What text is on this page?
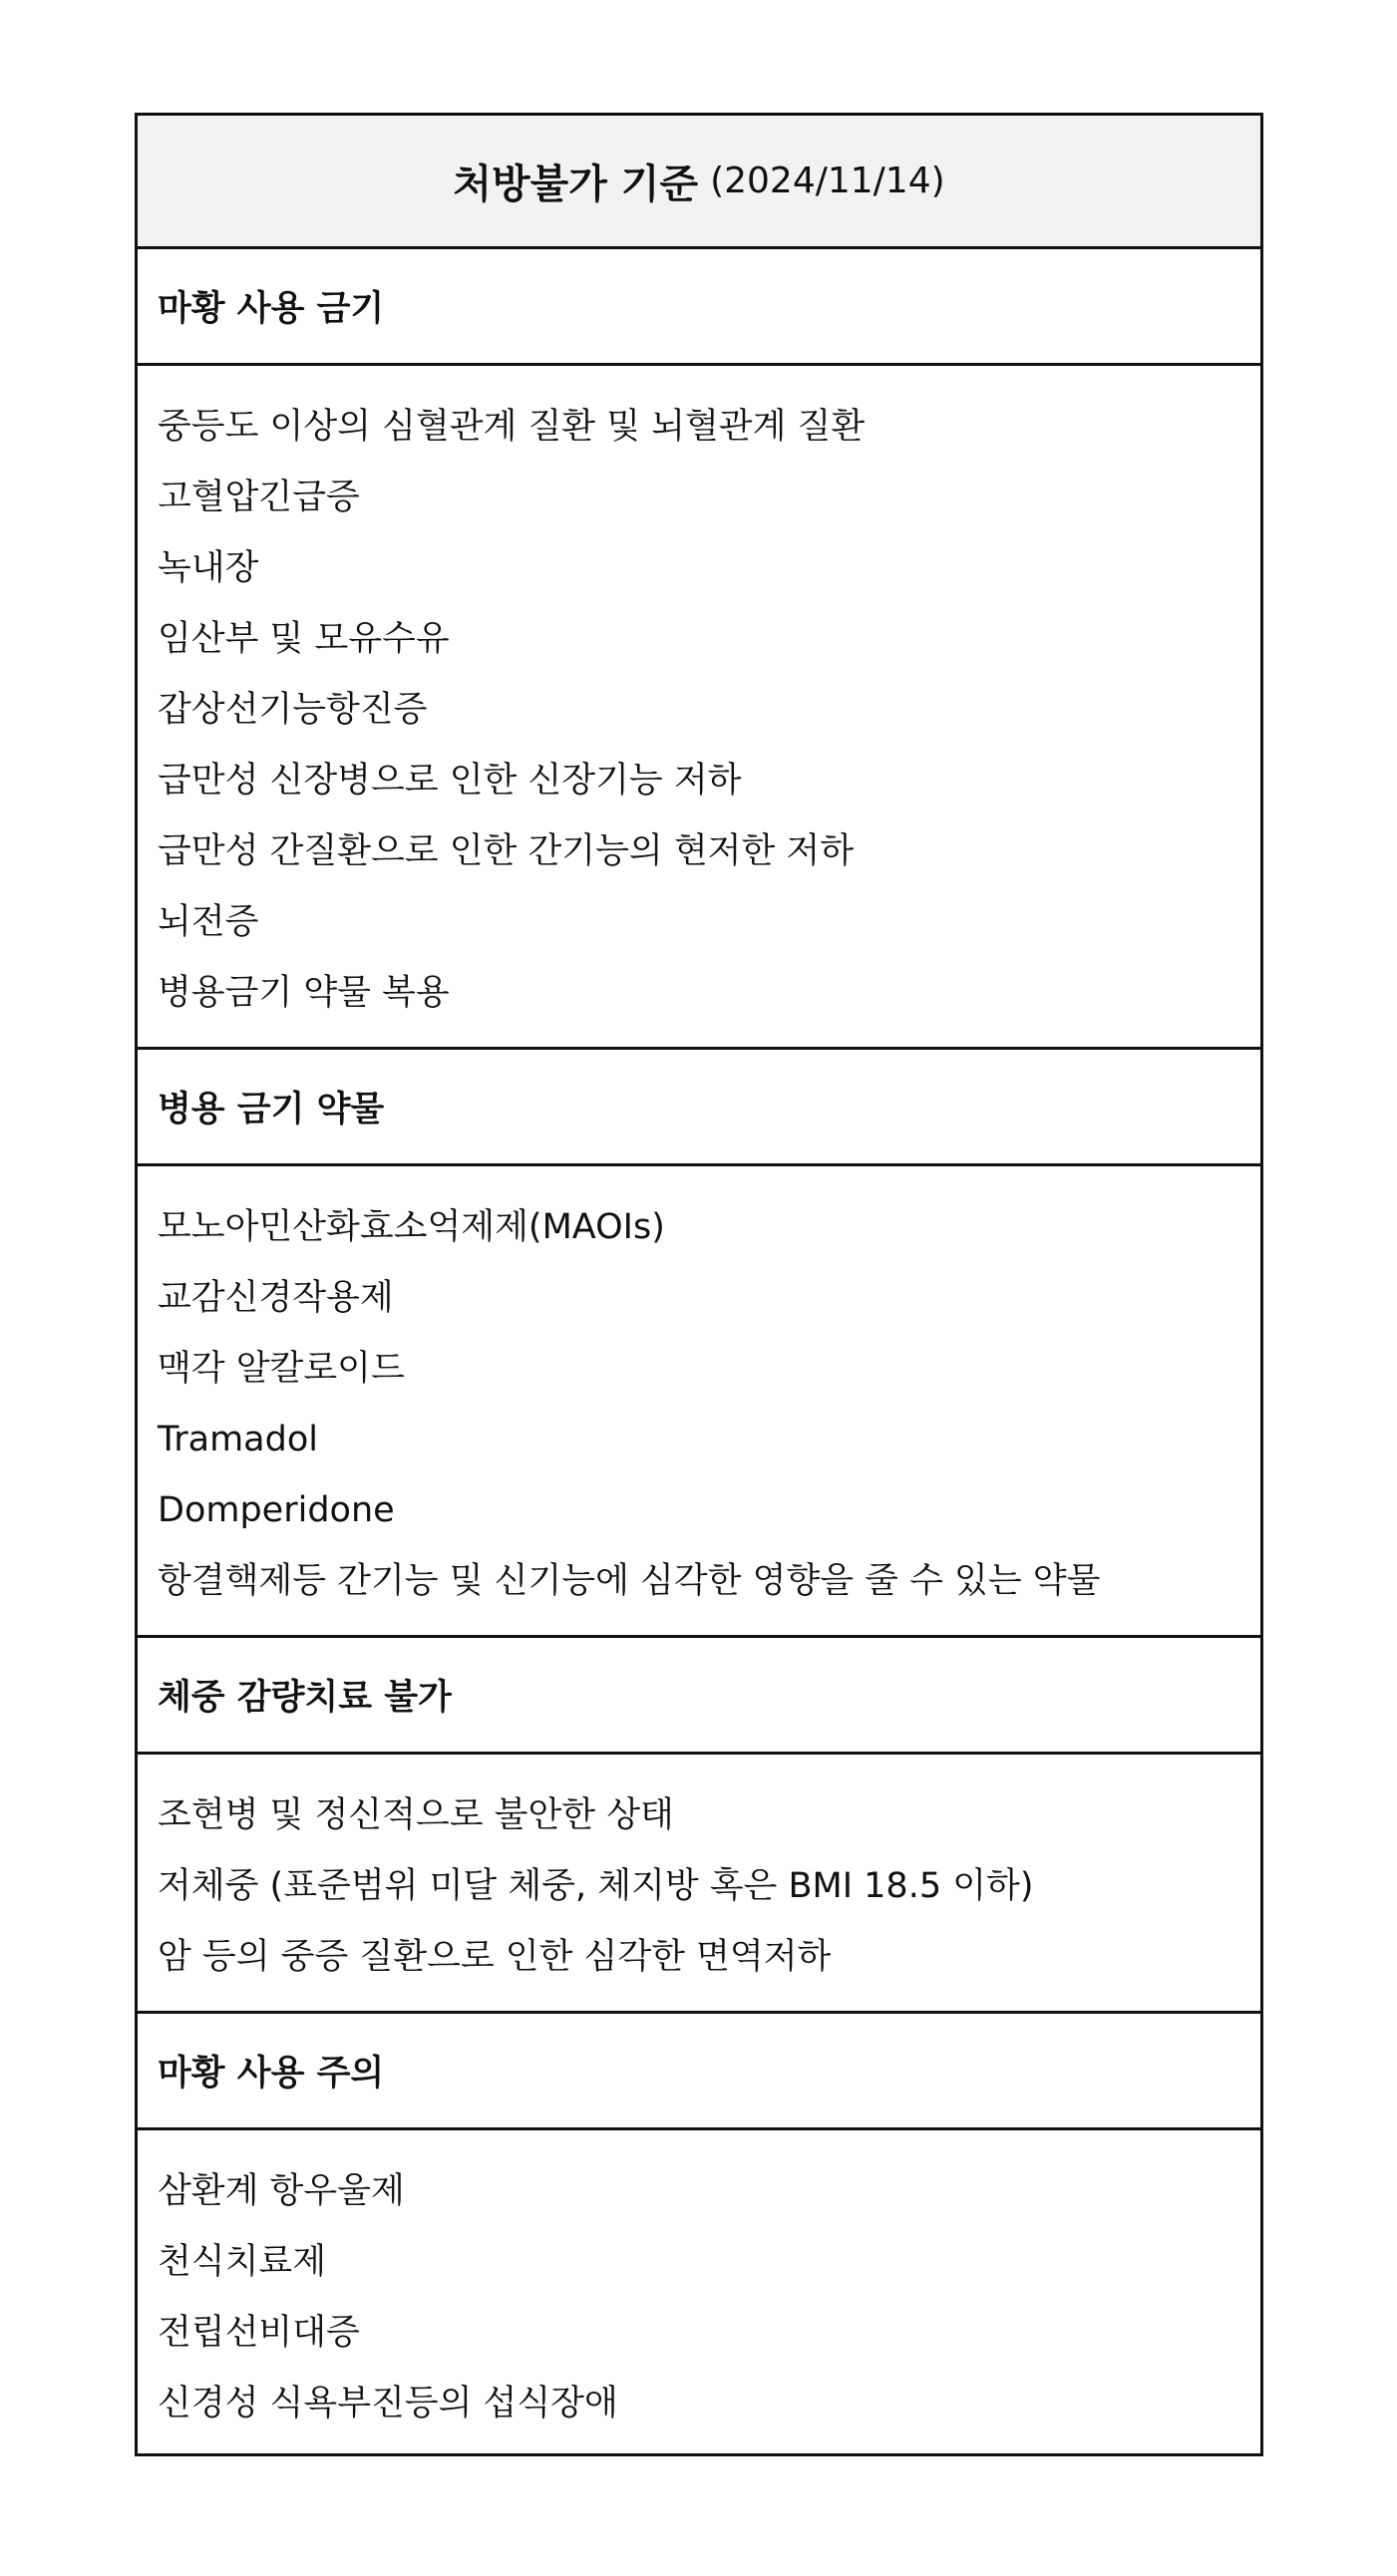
처방불가 기준 (2024/11/14)
마황 사용 금기
중등도 이상의 심혈관계 질환 및 뇌혈관계 질환
고혈압긴급증
녹내장
임산부 및 모유수유
갑상선기능항진증
급만성 신장병으로 인한 신장기능 저하
급만성 간질환으로 인한 간기능의 현저한 저하
뇌전증
병용금기 약물 복용
병용 금기 약물
모노아민산화효소억제제(MAOIs)
교감신경작용제
맥각 알칼로이드
Tramadol
Domperidone
항결핵제등 간기능 및 신기능에 심각한 영향을 줄 수 있는 약물
체중 감량치료 불가
조현병 및 정신적으로 불안한 상태
저체중 (표준범위 미달 체중, 체지방 혹은 BMI 18.5 이하)
암 등의 중증 질환으로 인한 심각한 면역저하
마황 사용 주의
삼환계 항우울제
천식치료제
전립선비대증
신경성 식욕부진등의 섭식장애
